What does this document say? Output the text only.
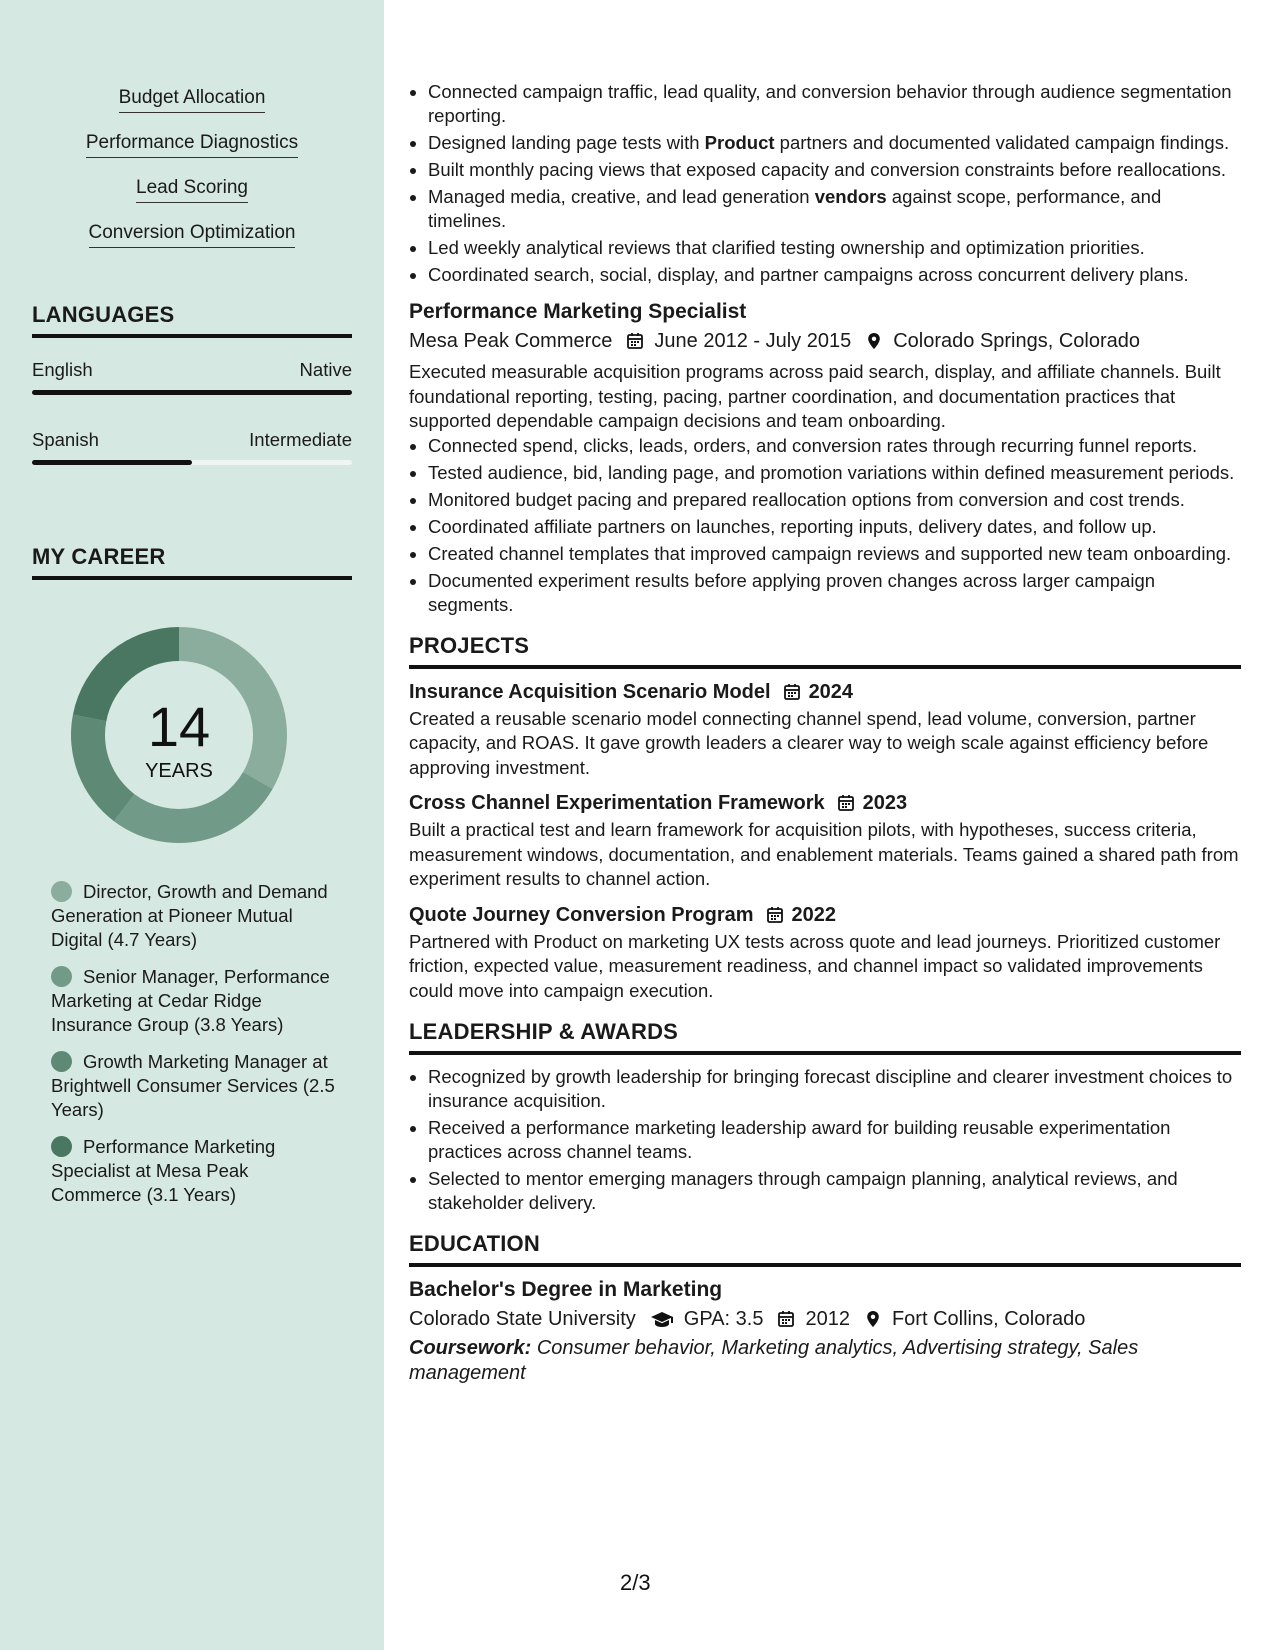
Budget Allocation
Performance Diagnostics
Lead Scoring
Conversion Optimization
LANGUAGES
English	Native
Spanish	Intermediate
MY CAREER
14
YEARS
Director, Growth and Demand Generation at Pioneer Mutual Digital (4.7 Years)
Senior Manager, Performance Marketing at Cedar Ridge Insurance Group (3.8 Years)
Growth Marketing Manager at Brightwell Consumer Services (2.5 Years)
Performance Marketing Specialist at Mesa Peak Commerce (3.1 Years)
• Connected campaign traffic, lead quality, and conversion behavior through audience segmentation reporting.
• Designed landing page tests with Product partners and documented validated campaign findings.
• Built monthly pacing views that exposed capacity and conversion constraints before reallocations.
• Managed media, creative, and lead generation vendors against scope, performance, and timelines.
• Led weekly analytical reviews that clarified testing ownership and optimization priorities.
• Coordinated search, social, display, and partner campaigns across concurrent delivery plans.
Performance Marketing Specialist
Mesa Peak Commerce June 2012 - July 2015 Colorado Springs, Colorado
Executed measurable acquisition programs across paid search, display, and affiliate channels. Built foundational reporting, testing, pacing, partner coordination, and documentation practices that supported dependable campaign decisions and team onboarding.
• Connected spend, clicks, leads, orders, and conversion rates through recurring funnel reports.
• Tested audience, bid, landing page, and promotion variations within defined measurement periods.
• Monitored budget pacing and prepared reallocation options from conversion and cost trends.
• Coordinated affiliate partners on launches, reporting inputs, delivery dates, and follow up.
• Created channel templates that improved campaign reviews and supported new team onboarding.
• Documented experiment results before applying proven changes across larger campaign segments.
PROJECTS
Insurance Acquisition Scenario Model 2024
Created a reusable scenario model connecting channel spend, lead volume, conversion, partner capacity, and ROAS. It gave growth leaders a clearer way to weigh scale against efficiency before approving investment.
Cross Channel Experimentation Framework 2023
Built a practical test and learn framework for acquisition pilots, with hypotheses, success criteria, measurement windows, documentation, and enablement materials. Teams gained a shared path from experiment results to channel action.
Quote Journey Conversion Program 2022
Partnered with Product on marketing UX tests across quote and lead journeys. Prioritized customer friction, expected value, measurement readiness, and channel impact so validated improvements could move into campaign execution.
LEADERSHIP & AWARDS
• Recognized by growth leadership for bringing forecast discipline and clearer investment choices to insurance acquisition.
• Received a performance marketing leadership award for building reusable experimentation practices across channel teams.
• Selected to mentor emerging managers through campaign planning, analytical reviews, and stakeholder delivery.
EDUCATION
Bachelor's Degree in Marketing
Colorado State University GPA: 3.5 2012 Fort Collins, Colorado
Coursework: Consumer behavior, Marketing analytics, Advertising strategy, Sales management
2/3
